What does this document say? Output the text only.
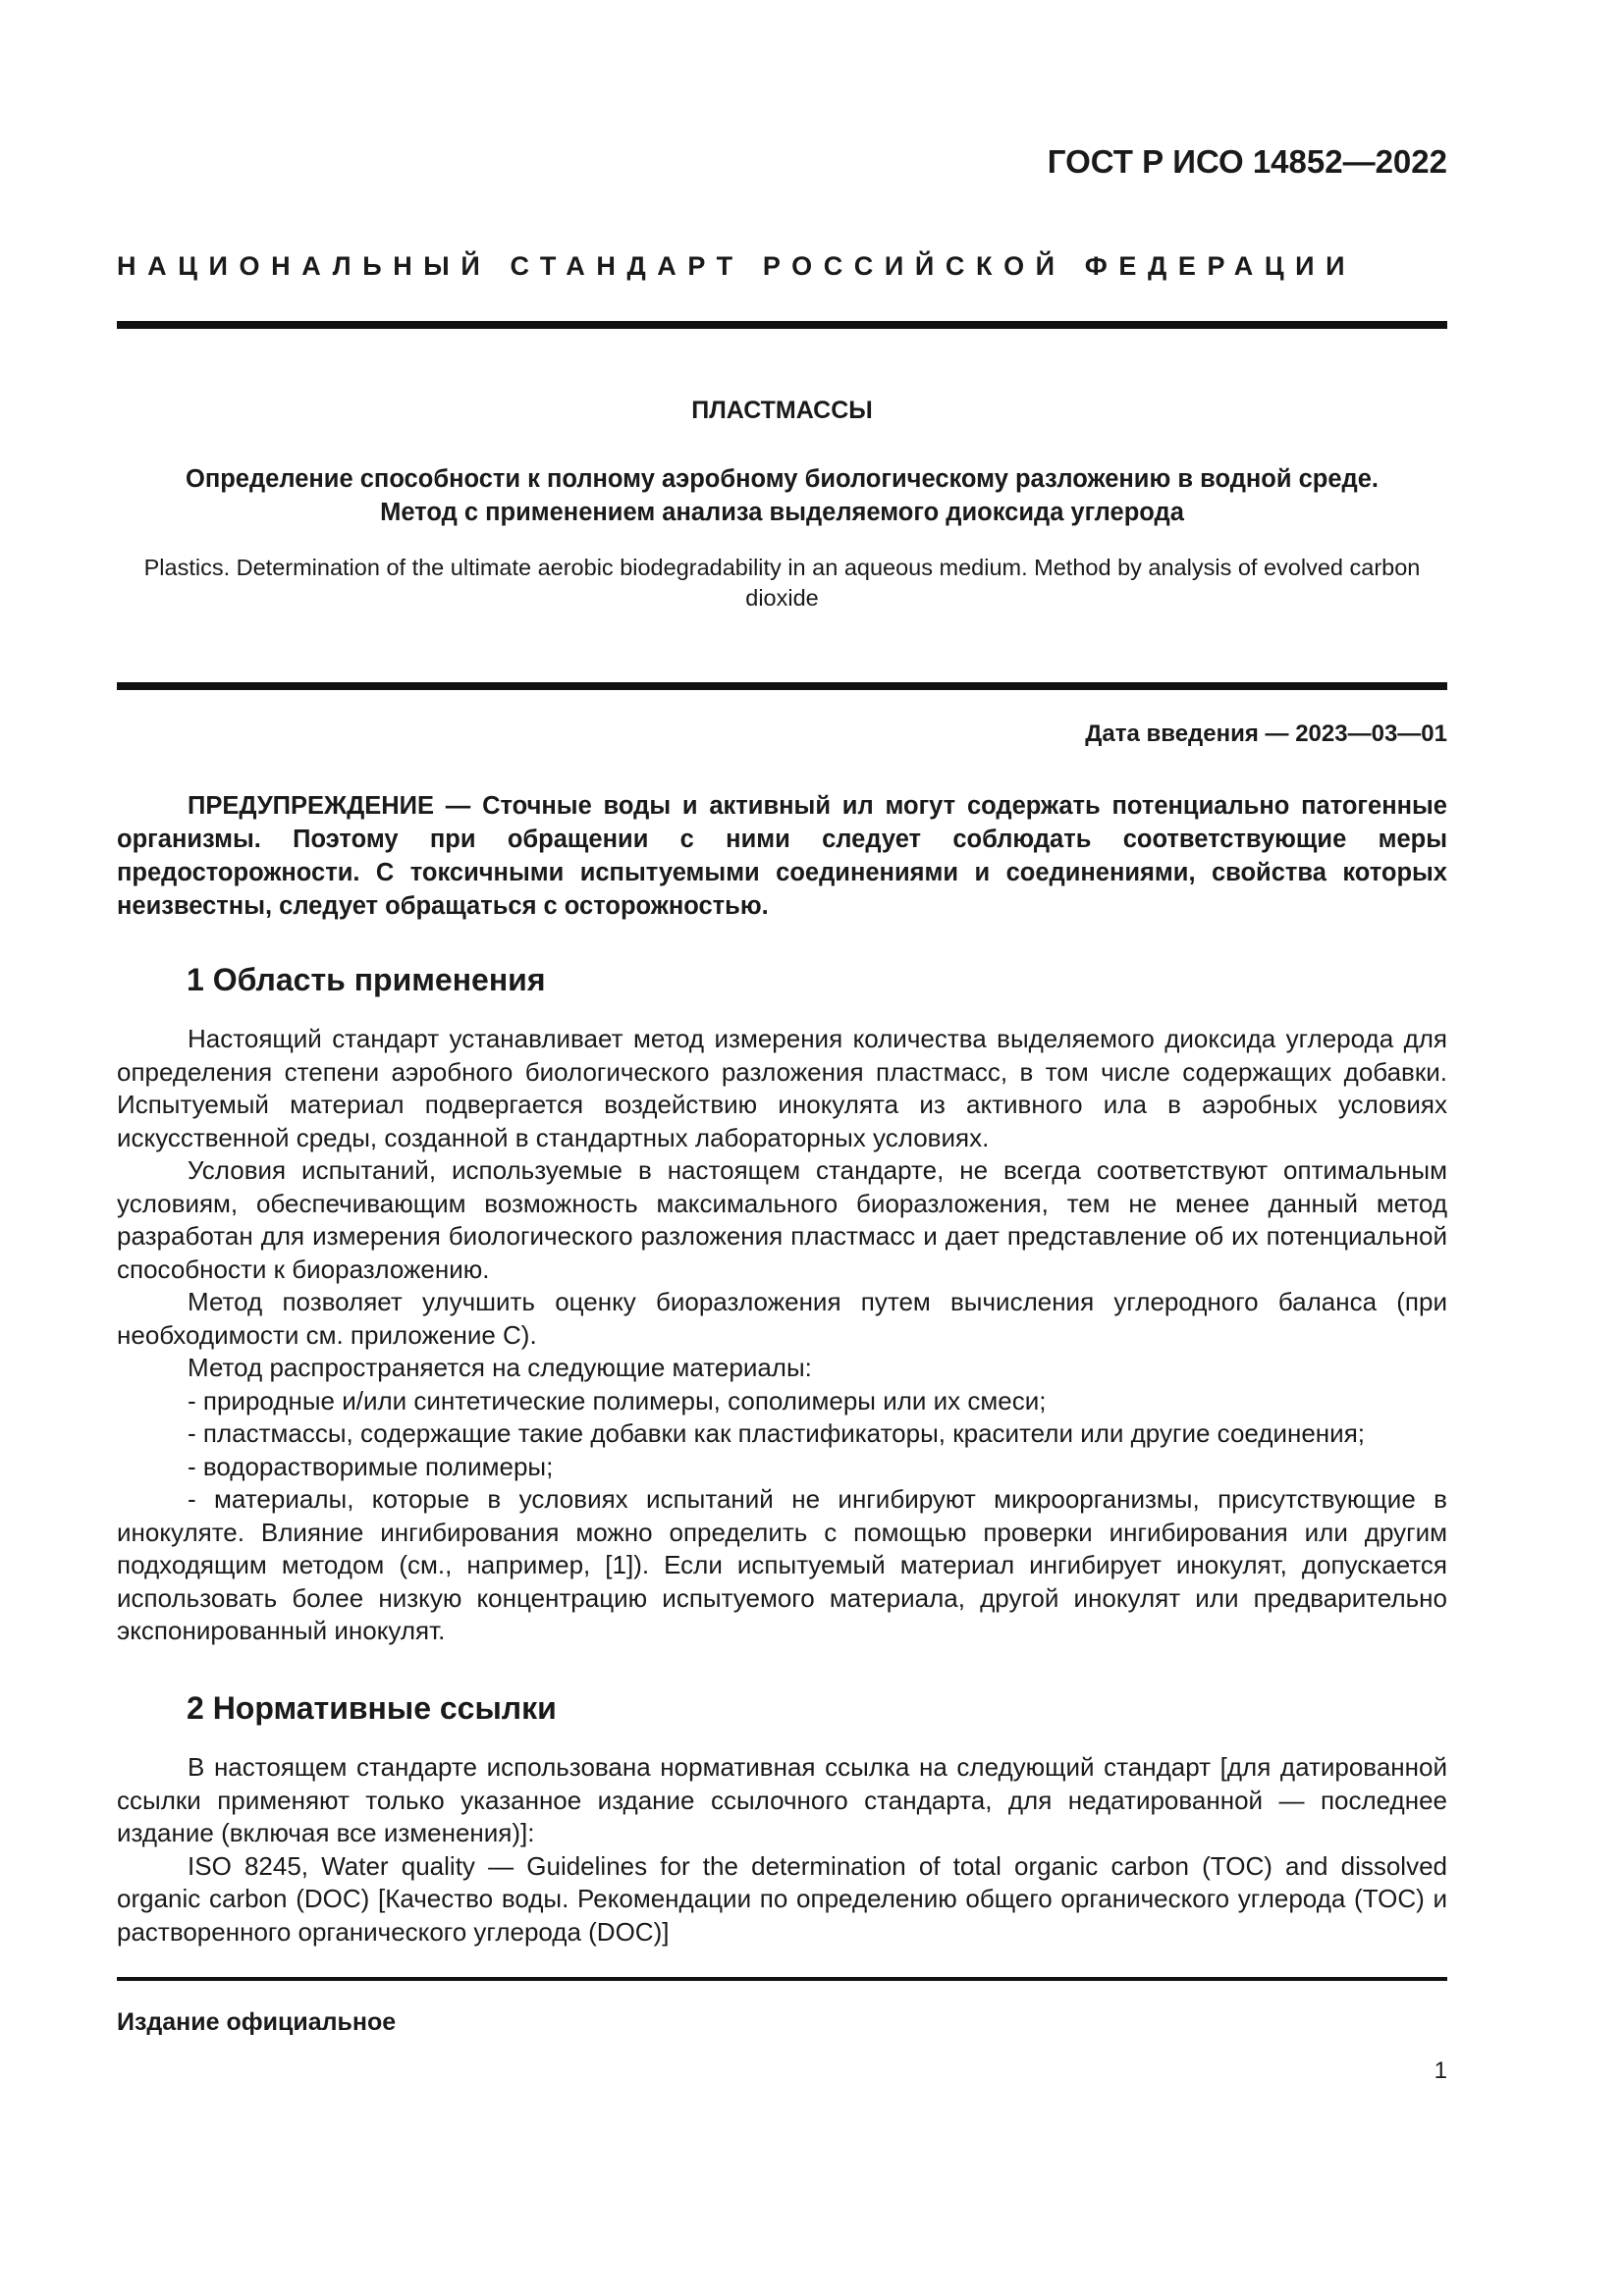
ГОСТ Р ИСО 14852—2022
НАЦИОНАЛЬНЫЙ СТАНДАРТ РОССИЙСКОЙ ФЕДЕРАЦИИ
ПЛАСТМАССЫ
Определение способности к полному аэробному биологическому разложению в водной среде.
Метод с применением анализа выделяемого диоксида углерода
Plastics. Determination of the ultimate aerobic biodegradability in an aqueous medium. Method by analysis of evolved carbon dioxide
Дата введения — 2023—03—01

ПРЕДУПРЕЖДЕНИЕ — Сточные воды и активный ил могут содержать потенциально патогенные организмы. Поэтому при обращении с ними следует соблюдать соответствующие меры предосторожности. С токсичными испытуемыми соединениями и соединениями, свойства которых неизвестны, следует обращаться с осторожностью.

1 Область применения

Настоящий стандарт устанавливает метод измерения количества выделяемого диоксида углерода для определения степени аэробного биологического разложения пластмасс, в том числе содержащих добавки. Испытуемый материал подвергается воздействию инокулята из активного ила в аэробных условиях искусственной среды, созданной в стандартных лабораторных условиях.

Условия испытаний, используемые в настоящем стандарте, не всегда соответствуют оптимальным условиям, обеспечивающим возможность максимального биоразложения, тем не менее данный метод разработан для измерения биологического разложения пластмасс и дает представление об их потенциальной способности к биоразложению.

Метод позволяет улучшить оценку биоразложения путем вычисления углеродного баланса (при необходимости см. приложение С).

Метод распространяется на следующие материалы:

- природные и/или синтетические полимеры, сополимеры или их смеси;

- пластмассы, содержащие такие добавки как пластификаторы, красители или другие соединения;

- водорастворимые полимеры;

- материалы, которые в условиях испытаний не ингибируют микроорганизмы, присутствующие в инокуляте. Влияние ингибирования можно определить с помощью проверки ингибирования или другим подходящим методом (см., например, [1]). Если испытуемый материал ингибирует инокулят, допускается использовать более низкую концентрацию испытуемого материала, другой инокулят или предварительно экспонированный инокулят.

2 Нормативные ссылки

В настоящем стандарте использована нормативная ссылка на следующий стандарт [для датированной ссылки применяют только указанное издание ссылочного стандарта, для недатированной — последнее издание (включая все изменения)]:

ISO 8245, Water quality — Guidelines for the determination of total organic carbon (TOC) and dissolved organic carbon (DOC) [Качество воды. Рекомендации по определению общего органического углерода (TOC) и растворенного органического углерода (DOC)]

Издание официальное
1
